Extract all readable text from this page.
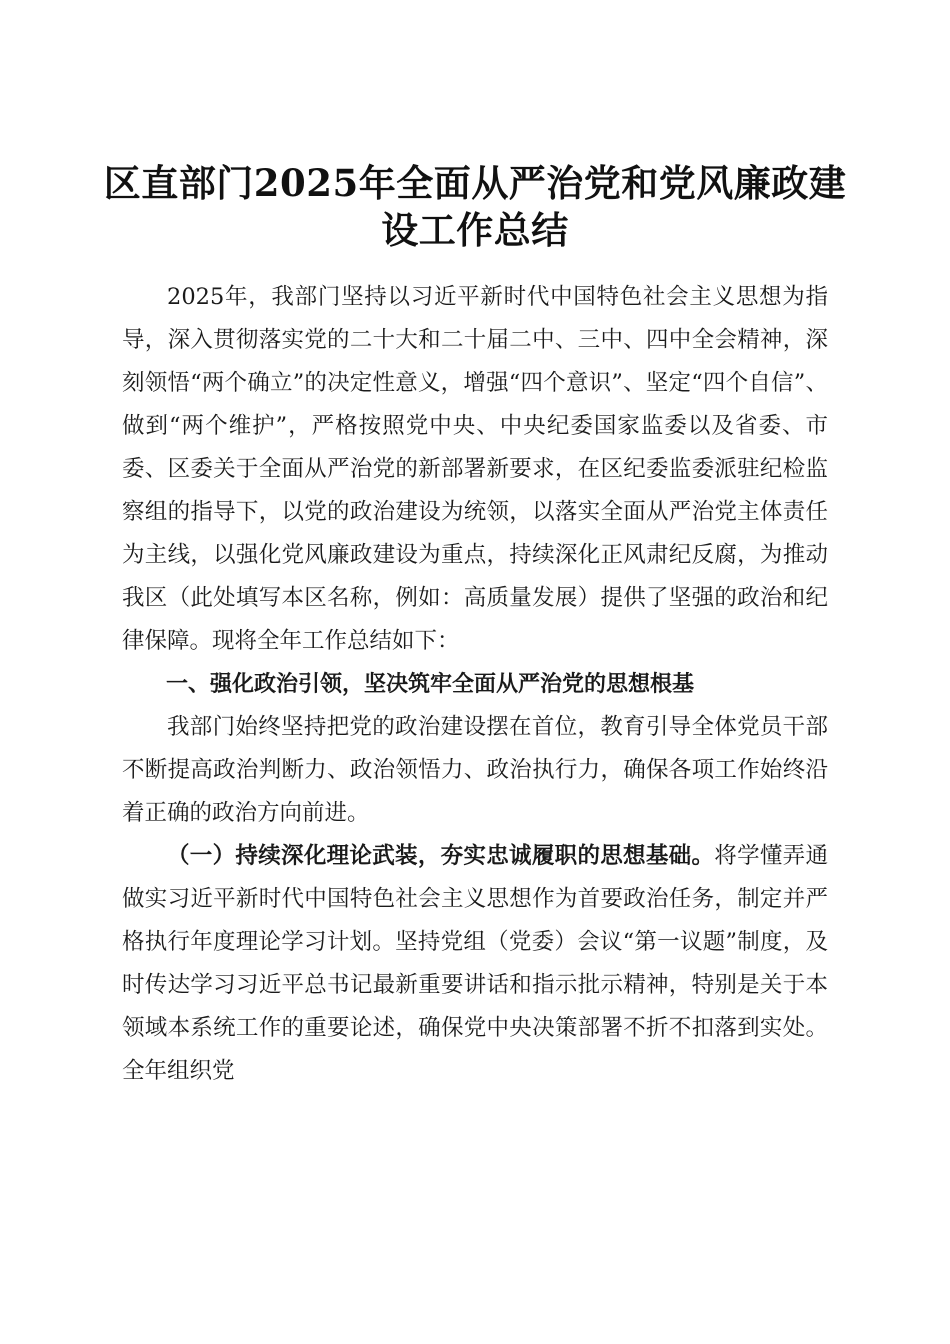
区直部门2025年全面从严治党和党风廉政建设工作总结

2025年，我部门坚持以习近平新时代中国特色社会主义思想为指导，深入贯彻落实党的二十大和二十届二中、三中、四中全会精神，深刻领悟“两个确立”的决定性意义，增强“四个意识”、坚定“四个自信”、做到“两个维护”，严格按照党中央、中央纪委国家监委以及省委、市委、区委关于全面从严治党的新部署新要求，在区纪委监委派驻纪检监察组的指导下，以党的政治建设为统领，以落实全面从严治党主体责任为主线，以强化党风廉政建设为重点，持续深化正风肃纪反腐，为推动我区（此处填写本区名称，例如：高质量发展）提供了坚强的政治和纪律保障。现将全年工作总结如下：

一、强化政治引领，坚决筑牢全面从严治党的思想根基

我部门始终坚持把党的政治建设摆在首位，教育引导全体党员干部不断提高政治判断力、政治领悟力、政治执行力，确保各项工作始终沿着正确的政治方向前进。

（一）持续深化理论武装，夯实忠诚履职的思想基础。将学懂弄通做实习近平新时代中国特色社会主义思想作为首要政治任务，制定并严格执行年度理论学习计划。坚持党组（党委）会议“第一议题”制度，及时传达学习习近平总书记最新重要讲话和指示批示精神，特别是关于本领域本系统工作的重要论述，确保党中央决策部署不折不扣落到实处。全年组织党
